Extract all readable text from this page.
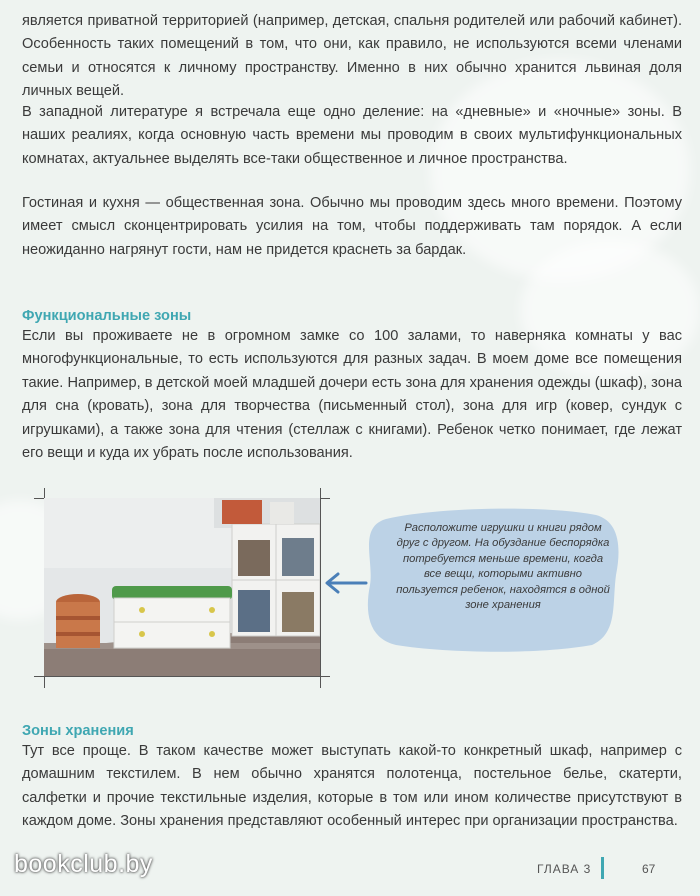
является приватной территорией (например, детская, спальня родителей или рабочий кабинет). Особенность таких помещений в том, что они, как правило, не используются всеми членами семьи и относятся к личному пространству. Именно в них обычно хранится львиная доля личных вещей.

В западной литературе я встречала еще одно деление: на «дневные» и «ночные» зоны. В наших реалиях, когда основную часть времени мы проводим в своих мультифункциональных комнатах, актуальнее выделять все-таки общественное и личное пространства.

Гостиная и кухня — общественная зона. Обычно мы проводим здесь много времени. Поэтому имеет смысл сконцентрировать усилия на том, чтобы поддерживать там порядок. А если неожиданно нагрянут гости, нам не придется краснеть за бардак.

Функциональные зоны

Если вы проживаете не в огромном замке со 100 залами, то наверняка комнаты у вас многофункциональные, то есть используются для разных задач. В моем доме все помещения такие. Например, в детской моей младшей дочери есть зона для хранения одежды (шкаф), зона для сна (кровать), зона для творчества (письменный стол), зона для игр (ковер, сундук с игрушками), а также зона для чтения (стеллаж с книгами). Ребенок четко понимает, где лежат его вещи и куда их убрать после использования.

Расположите игрушки и книги рядом друг с другом. На обуздание беспорядка потребуется меньше времени, когда все вещи, которыми активно пользуется ребенок, находятся в одной зоне хранения

Зоны хранения

Тут все проще. В таком качестве может выступать какой-то конкретный шкаф, например с домашним текстилем. В нем обычно хранятся полотенца, постельное белье, скатерти, салфетки и прочие текстильные изделия, которые в том или ином количестве присутствуют в каждом доме. Зоны хранения представляют особенный интерес при организации пространства.

bookclub.by	ГЛАВА 3	67
